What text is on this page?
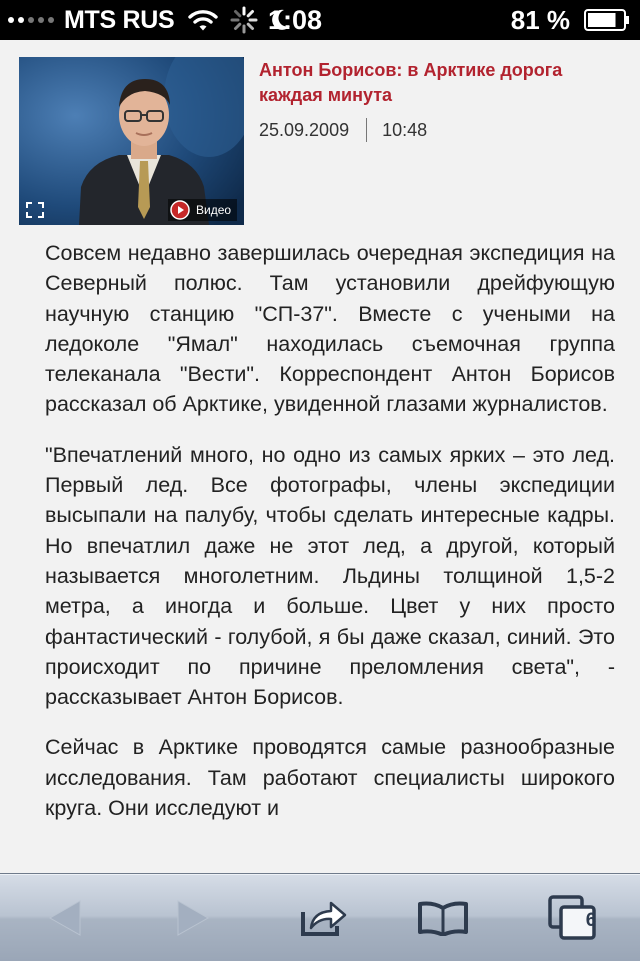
MTS RUS	1:08	81 %
Видео
Антон Борисов: в Арктике дорога каждая минута
25.09.2009 10:48

Совсем недавно завершилась очередная экспедиция на Северный полюс. Там установили дрейфующую научную станцию "СП-37". Вместе с учеными на ледоколе "Ямал" находилась съемочная группа телеканала "Вести". Корреспондент Антон Борисов рассказал об Арктике, увиденной глазами журналистов.

"Впечатлений много, но одно из самых ярких – это лед. Первый лед. Все фотографы, члены экспедиции высыпали на палубу, чтобы сделать интересные кадры. Но впечатлил даже не этот лед, а другой, который называется многолетним. Льдины толщиной 1,5-2 метра, а иногда и больше. Цвет у них просто фантастический - голубой, я бы даже сказал, синий. Это происходит по причине преломления света", - рассказывает Антон Борисов.

Сейчас в Арктике проводятся самые разнообразные исследования. Там работают специалисты широкого круга. Они исследуют и

6
